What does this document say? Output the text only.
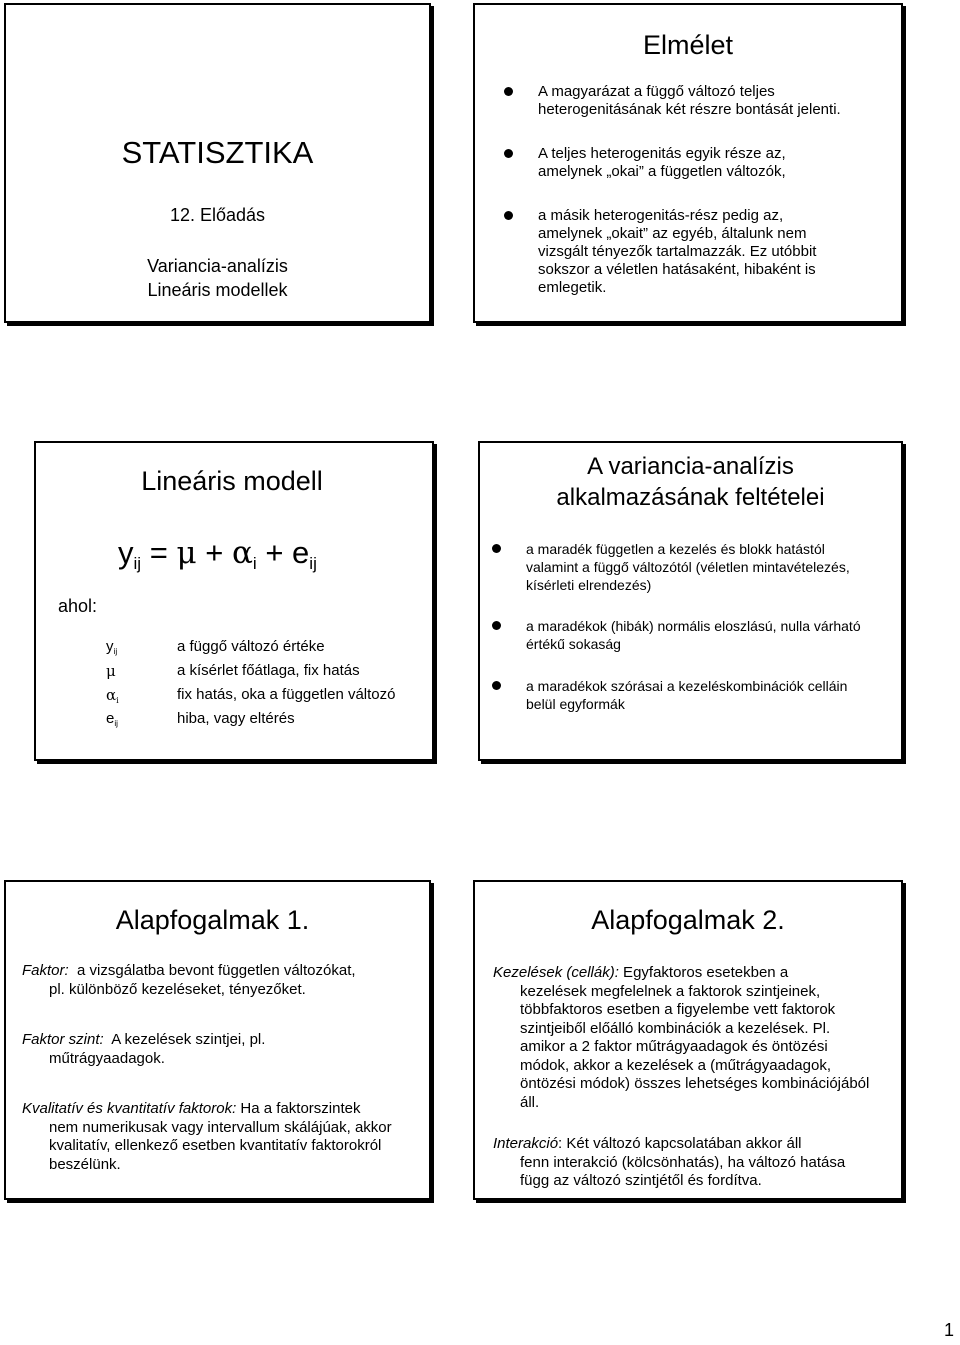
STATISZTIKA
12. Előadás
Variancia-analízis
Lineáris modellek
Elmélet
A magyarázat a függő változó teljes heterogenitásának két részre bontását jelenti.
A teljes heterogenitás egyik része az, amelynek „okai” a független változók,
a másik heterogenitás-rész pedig az, amelynek „okait” az egyéb, általunk nem vizsgált tényezők tartalmazzák. Ez utóbbit sokszor a véletlen hatásaként, hibaként is emlegetik.
Lineáris modell
yij = μ + αi + eij
ahol:
yij	a függő változó értéke
μ	a kísérlet főátlaga, fix hatás
αi	fix hatás, oka a független változó
eij	hiba, vagy eltérés
A variancia-analízis
alkalmazásának feltételei
a maradék független a kezelés és blokk hatástól valamint a függő változótól (véletlen mintavételezés, kísérleti elrendezés)
a maradékok (hibák) normális eloszlású, nulla várható értékű sokaság
a maradékok szórásai a kezeléskombinációk celláin belül egyformák
Alapfogalmak 1.
Faktor:  a vizsgálatba bevont független változókat,
pl. különböző kezeléseket, tényezőket.
Faktor szint:  A kezelések szintjei, pl.
műtrágyaadagok.
Kvalitatív és kvantitatív faktorok: Ha a faktorszintek
nem numerikusak vagy intervallum skálájúak, akkor kvalitatív, ellenkező esetben kvantitatív faktorokról beszélünk.
Alapfogalmak 2.
Kezelések (cellák): Egyfaktoros esetekben a
kezelések megfelelnek a faktorok szintjeinek, többfaktoros esetben a figyelembe vett faktorok szintjeiből előálló kombinációk a kezelések. Pl. amikor a 2 faktor műtrágyaadagok és öntözési módok, akkor a kezelések a (műtrágyaadagok, öntözési módok) összes lehetséges kombinációjából áll.
Interakció: Két változó kapcsolatában akkor áll
fenn interakció (kölcsönhatás), ha változó hatása függ az változó szintjétől és fordítva.
1
